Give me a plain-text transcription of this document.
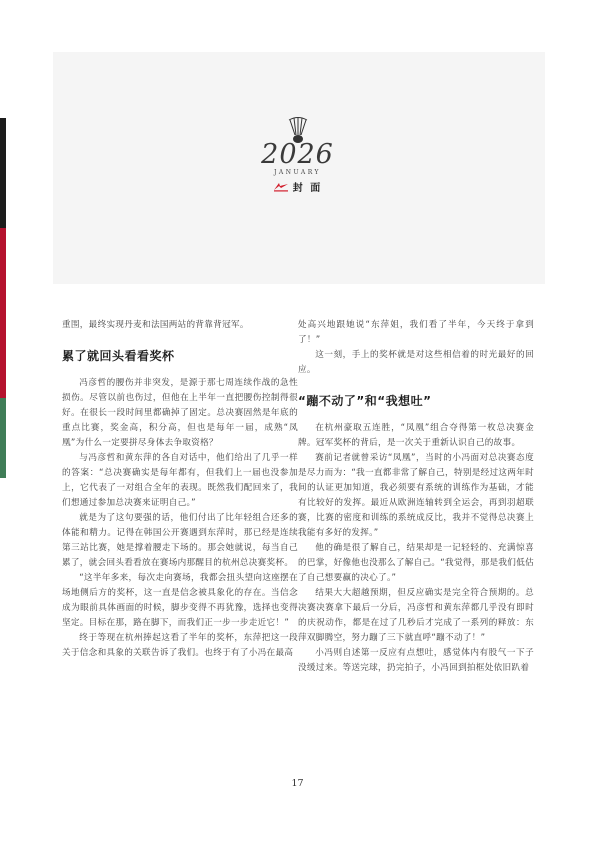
2026
JANUARY
封 面

重围，最终实现丹麦和法国两站的背靠背冠军。

累了就回头看看奖杯

冯彦哲的腰伤并非突发，是源于那七周连续作战的急性损伤。尽管以前也伤过，但他在上半年一直把腰伤控制得很好。在很长一段时间里都确掉了固定。总决赛固然是年底的重点比赛，奖金高，积分高，但也是每年一届，成熟“凤凰”为什么一定要拼尽身体去争取资格？

与冯彦哲和黄东萍的各自对话中，他们给出了几乎一样的答案：“总决赛确实是每年都有，但我们上一届也没参加上，它代表了一对组合全年的表现。既然我们配回来了，我们想通过参加总决赛来证明自己。”

就是为了这句要强的话，他们付出了比年轻组合还多的体能和精力。记得在韩国公开赛遇到东萍时，那已经是连续第三站比赛，她是撑着腰走下场的。那会她就说，每当自己累了，就会回头看看放在赛场内那醒目的杭州总决赛奖杯。

“这半年多来，每次走向赛场，我都会扭头望向这座摆在场地侧后方的奖杯，这一直是信念被具象化的存在。当信念成为眼前具体画面的时候，脚步变得不再犹豫，选择也变得坚定。目标在那，路在脚下，而我们正一步一步走近它！”

终于等现在杭州捧起这看了半年的奖杯，东萍把这一段关于信念和具象的关联告诉了我们。也终于有了小冯在最高

处高兴地跟她说“东萍姐，我们看了半年，今天终于拿到了！”

这一刻，手上的奖杯就是对这些相信着的时光最好的回应。

“蹦不动了”和“我想吐”

在杭州豪取五连胜，“凤凰”组合夺得第一枚总决赛金牌。冠军奖杯的背后，是一次关于重新认识自己的故事。

赛前记者就曾采访“凤凰”，当时的小冯面对总决赛态度是尽力而为：“我一直都非常了解自己，特别是经过这两年时间的认证更加知道，我必须要有系统的训练作为基础，才能有比较好的发挥。最近从欧洲连轴转到全运会，再到羽超联赛，比赛的密度和训练的系统成反比，我并不觉得总决赛上我能有多好的发挥。”

他的确是很了解自己，结果却是一记轻轻的、充满惊喜的巴掌，好像他也没那么了解自己。“我觉得，那是我们低估了自己想要赢的决心了。”

结果大大超越预期，但反应确实是完全符合预期的。总决赛决赛拿下最后一分后，冯彦哲和黄东萍都几乎没有即时的庆祝动作，都是在过了几秒后才完成了一系列的释放：东萍双脚腾空，努力蹦了三下就直呼“蹦不动了！”

小冯则自述第一反应有点想吐，感觉体内有股气一下子没缓过来。等送完球，扔完拍子，小冯回到拍框处依旧趴着

17
